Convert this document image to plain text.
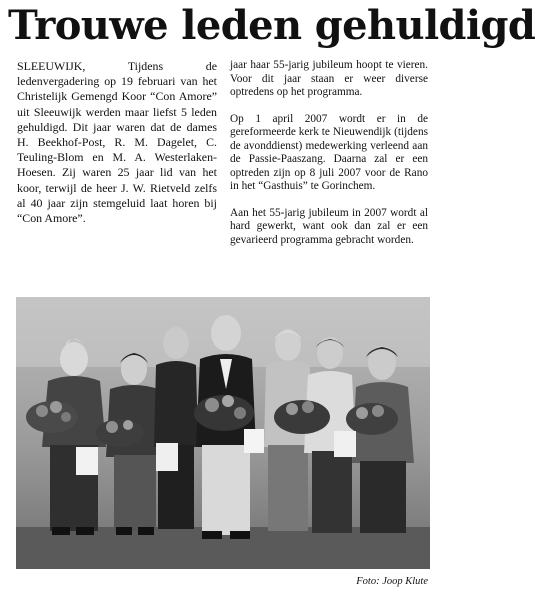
Trouwe leden gehuldigd

SLEEUWIJK, Tijdens de ledenvergadering op 19 februari van het Christelijk Gemengd Koor “Con Amore” uit Sleeuwijk werden maar liefst 5 leden gehuldigd. Dit jaar waren dat de dames H. Beekhof-Post, R. M. Dagelet, C. Teuling-Blom en M. A. Westerlaken-Hoesen. Zij waren 25 jaar lid van het koor, terwijl de heer J. W. Rietveld zelfs al 40 jaar zijn stemgeluid laat horen bij “Con Amore”.

jaar haar 55-jarig jubileum hoopt te vieren. Voor dit jaar staan er weer diverse optredens op het programma.

Op 1 april 2007 wordt er in de gereformeerde kerk te Nieuwendijk (tijdens de avonddienst) medewerking verleend aan de Passie-Paaszang. Daarna zal er een optreden zijn op 8 juli 2007 voor de Rano in het “Gasthuis” te Gorinchem.

Aan het 55-jarig jubileum in 2007 wordt al hard gewerkt, want ook dan zal er een gevarieerd programma gebracht worden.

Foto: Joop Klute
